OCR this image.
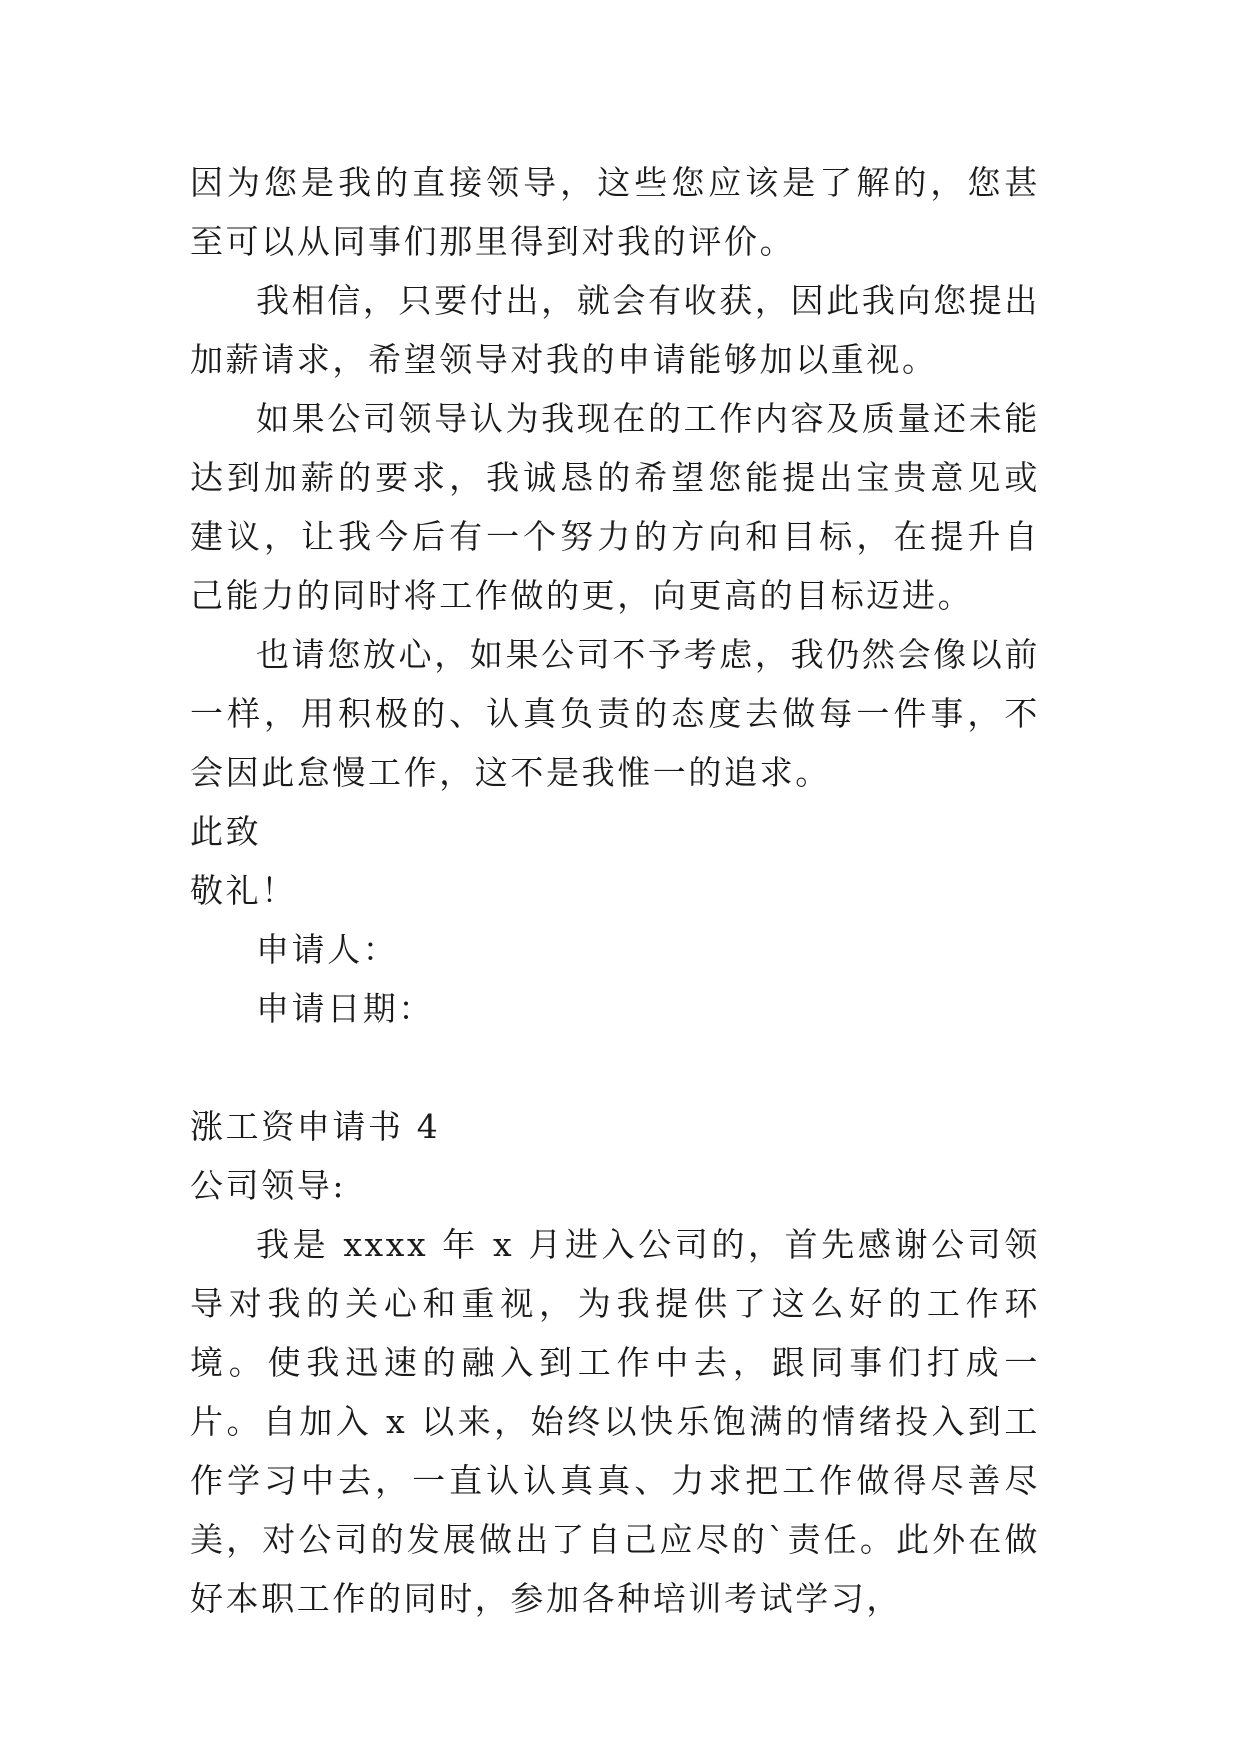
因为您是我的直接领导，这些您应该是了解的，您甚至可以从同事们那里得到对我的评价。

我相信，只要付出，就会有收获，因此我向您提出加薪请求，希望领导对我的申请能够加以重视。

如果公司领导认为我现在的工作内容及质量还未能达到加薪的要求，我诚恳的希望您能提出宝贵意见或建议，让我今后有一个努力的方向和目标，在提升自己能力的同时将工作做的更，向更高的目标迈进。

也请您放心，如果公司不予考虑，我仍然会像以前一样，用积极的、认真负责的态度去做每一件事，不会因此怠慢工作，这不是我惟一的追求。

此致

敬礼！

申请人：

申请日期：

涨工资申请书 4

公司领导:

我是 xxxx 年 x 月进入公司的，首先感谢公司领导对我的关心和重视，为我提供了这么好的工作环境。使我迅速的融入到工作中去，跟同事们打成一片。自加入 x 以来，始终以快乐饱满的情绪投入到工作学习中去，一直认认真真、力求把工作做得尽善尽美，对公司的发展做出了自己应尽的`责任。此外在做好本职工作的同时，参加各种培训考试学习，
